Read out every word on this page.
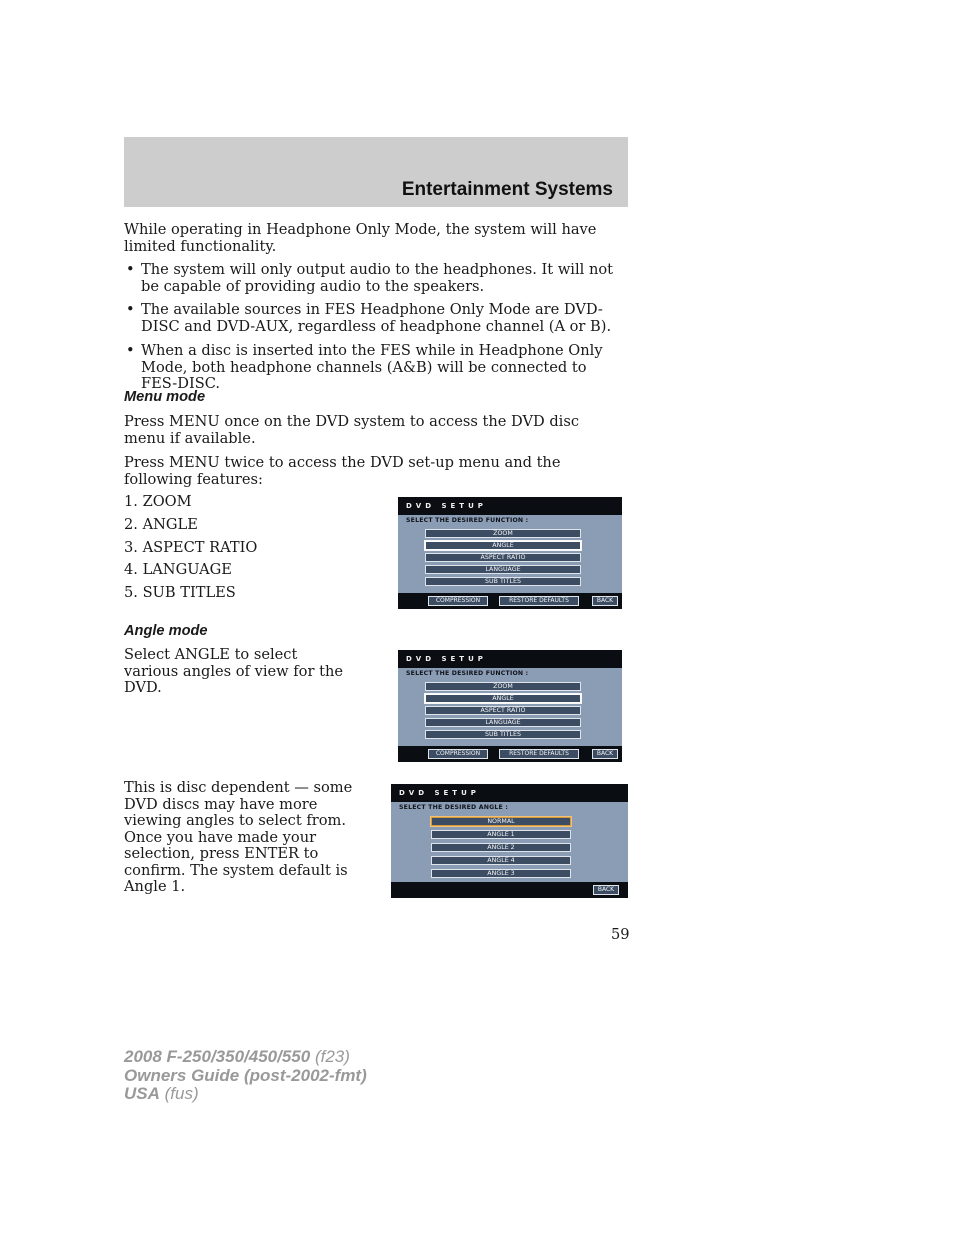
Entertainment Systems
While operating in Headphone Only Mode, the system will have limited functionality.
• The system will only output audio to the headphones. It will not be capable of providing audio to the speakers.
• The available sources in FES Headphone Only Mode are DVD-DISC and DVD-AUX, regardless of headphone channel (A or B).
• When a disc is inserted into the FES while in Headphone Only Mode, both headphone channels (A&B) will be connected to FES-DISC.
Menu mode
Press MENU once on the DVD system to access the DVD disc menu if available.
Press MENU twice to access the DVD set-up menu and the following features:
1. ZOOM
2. ANGLE
3. ASPECT RATIO
4. LANGUAGE
5. SUB TITLES
DVD SETUP
SELECT THE DESIRED FUNCTION :
ZOOM
ANGLE
ASPECT RATIO
LANGUAGE
SUB TITLES
COMPRESSION	RESTORE DEFAULTS	BACK
Angle mode
Select ANGLE to select various angles of view for the DVD.
DVD SETUP
SELECT THE DESIRED FUNCTION :
ZOOM
ANGLE
ASPECT RATIO
LANGUAGE
SUB TITLES
COMPRESSION	RESTORE DEFAULTS	BACK
This is disc dependent — some DVD discs may have more viewing angles to select from. Once you have made your selection, press ENTER to confirm. The system default is Angle 1.
DVD SETUP
SELECT THE DESIRED ANGLE :
NORMAL
ANGLE 1
ANGLE 2
ANGLE 4
ANGLE 3
BACK
59
2008 F-250/350/450/550 (f23)
Owners Guide (post-2002-fmt)
USA (fus)
